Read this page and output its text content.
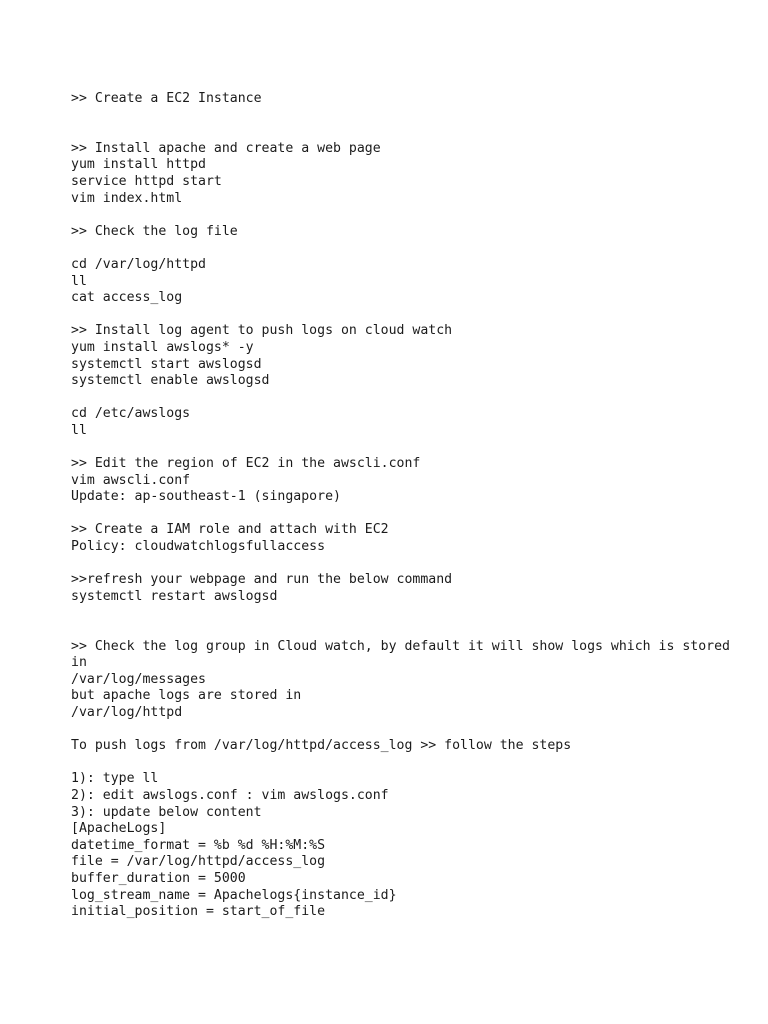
>> Create a EC2 Instance
>> Install apache and create a web page
yum install httpd
service httpd start
vim index.html
>> Check the log file
cd /var/log/httpd
ll
cat access_log
>> Install log agent to push logs on cloud watch
yum install awslogs* -y
systemctl start awslogsd
systemctl enable awslogsd
cd /etc/awslogs
ll
>> Edit the region of EC2 in the awscli.conf
vim awscli.conf
Update: ap-southeast-1 (singapore)
>> Create a IAM role and attach with EC2
Policy: cloudwatchlogsfullaccess
>>refresh your webpage and run the below command
systemctl restart awslogsd
>> Check the log group in Cloud watch, by default it will show logs which is stored
in
/var/log/messages
but apache logs are stored in
/var/log/httpd
To push logs from /var/log/httpd/access_log >> follow the steps
1): type ll
2): edit awslogs.conf : vim awslogs.conf
3): update below content
[ApacheLogs]
datetime_format = %b %d %H:%M:%S
file = /var/log/httpd/access_log
buffer_duration = 5000
log_stream_name = Apachelogs{instance_id}
initial_position = start_of_file
